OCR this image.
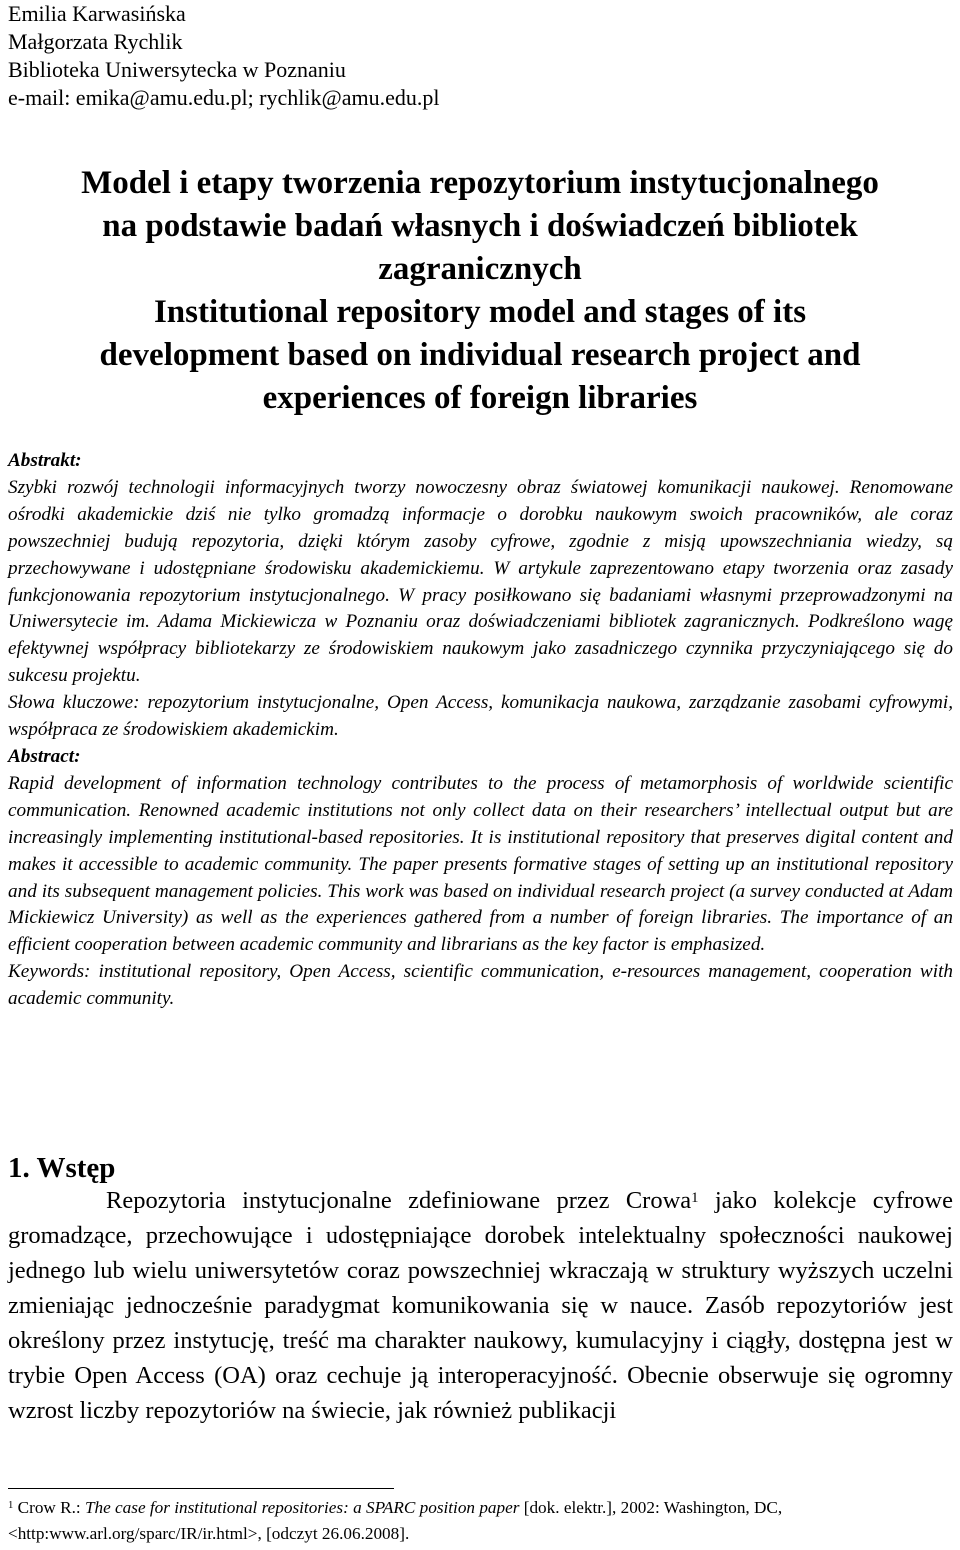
Emilia Karwasińska
Małgorzata Rychlik
Biblioteka Uniwersytecka w Poznaniu
e-mail: emika@amu.edu.pl; rychlik@amu.edu.pl
Model i etapy tworzenia repozytorium instytucjonalnego
na podstawie badań własnych i doświadczeń bibliotek
zagranicznych
Institutional repository model and stages of its
development based on individual research project and
experiences of foreign libraries
Abstrakt:

Szybki rozwój technologii informacyjnych tworzy nowoczesny obraz światowej komunikacji naukowej. Renomowane ośrodki akademickie dziś nie tylko gromadzą informacje o dorobku naukowym swoich pracowników, ale coraz powszechniej budują repozytoria, dzięki którym zasoby cyfrowe, zgodnie z misją upowszechniania wiedzy, są przechowywane i udostępniane środowisku akademickiemu. W artykule zaprezentowano etapy tworzenia oraz zasady funkcjonowania repozytorium instytucjonalnego. W pracy posiłkowano się badaniami własnymi przeprowadzonymi na Uniwersytecie im. Adama Mickiewicza w Poznaniu oraz doświadczeniami bibliotek zagranicznych. Podkreślono wagę efektywnej współpracy bibliotekarzy ze środowiskiem naukowym jako zasadniczego czynnika przyczyniającego się do sukcesu projektu.

Słowa kluczowe: repozytorium instytucjonalne, Open Access, komunikacja naukowa, zarządzanie zasobami cyfrowymi, współpraca ze środowiskiem akademickim.

Abstract:

Rapid development of information technology contributes to the process of metamorphosis of worldwide scientific communication. Renowned academic institutions not only collect data on their researchers’ intellectual output but are increasingly implementing institutional-based repositories. It is institutional repository that preserves digital content and makes it accessible to academic community. The paper presents formative stages of setting up an institutional repository and its subsequent management policies. This work was based on individual research project (a survey conducted at Adam Mickiewicz University) as well as the experiences gathered from a number of foreign libraries. The importance of an efficient cooperation between academic community and librarians as the key factor is emphasized.

Keywords: institutional repository, Open Access, scientific communication, e-resources management, cooperation with academic community.

1. Wstęp

Repozytoria instytucjonalne zdefiniowane przez Crowa$^1$ jako kolekcje cyfrowe gromadzące, przechowujące i udostępniające dorobek intelektualny społeczności naukowej jednego lub wielu uniwersytetów coraz powszechniej wkraczają w struktury wyższych uczelni zmieniając jednocześnie paradygmat komunikowania się w nauce. Zasób repozytoriów jest określony przez instytucję, treść ma charakter naukowy, kumulacyjny i ciągły, dostępna jest w trybie Open Access (OA) oraz cechuje ją interoperacyjność. Obecnie obserwuje się ogromny wzrost liczby repozytoriów na świecie, jak również publikacji

$^1$ Crow R.: The case for institutional repositories: a SPARC position paper [dok. elektr.], 2002: Washington, DC, <http:www.arl.org/sparc/IR/ir.html>, [odczyt 26.06.2008].
